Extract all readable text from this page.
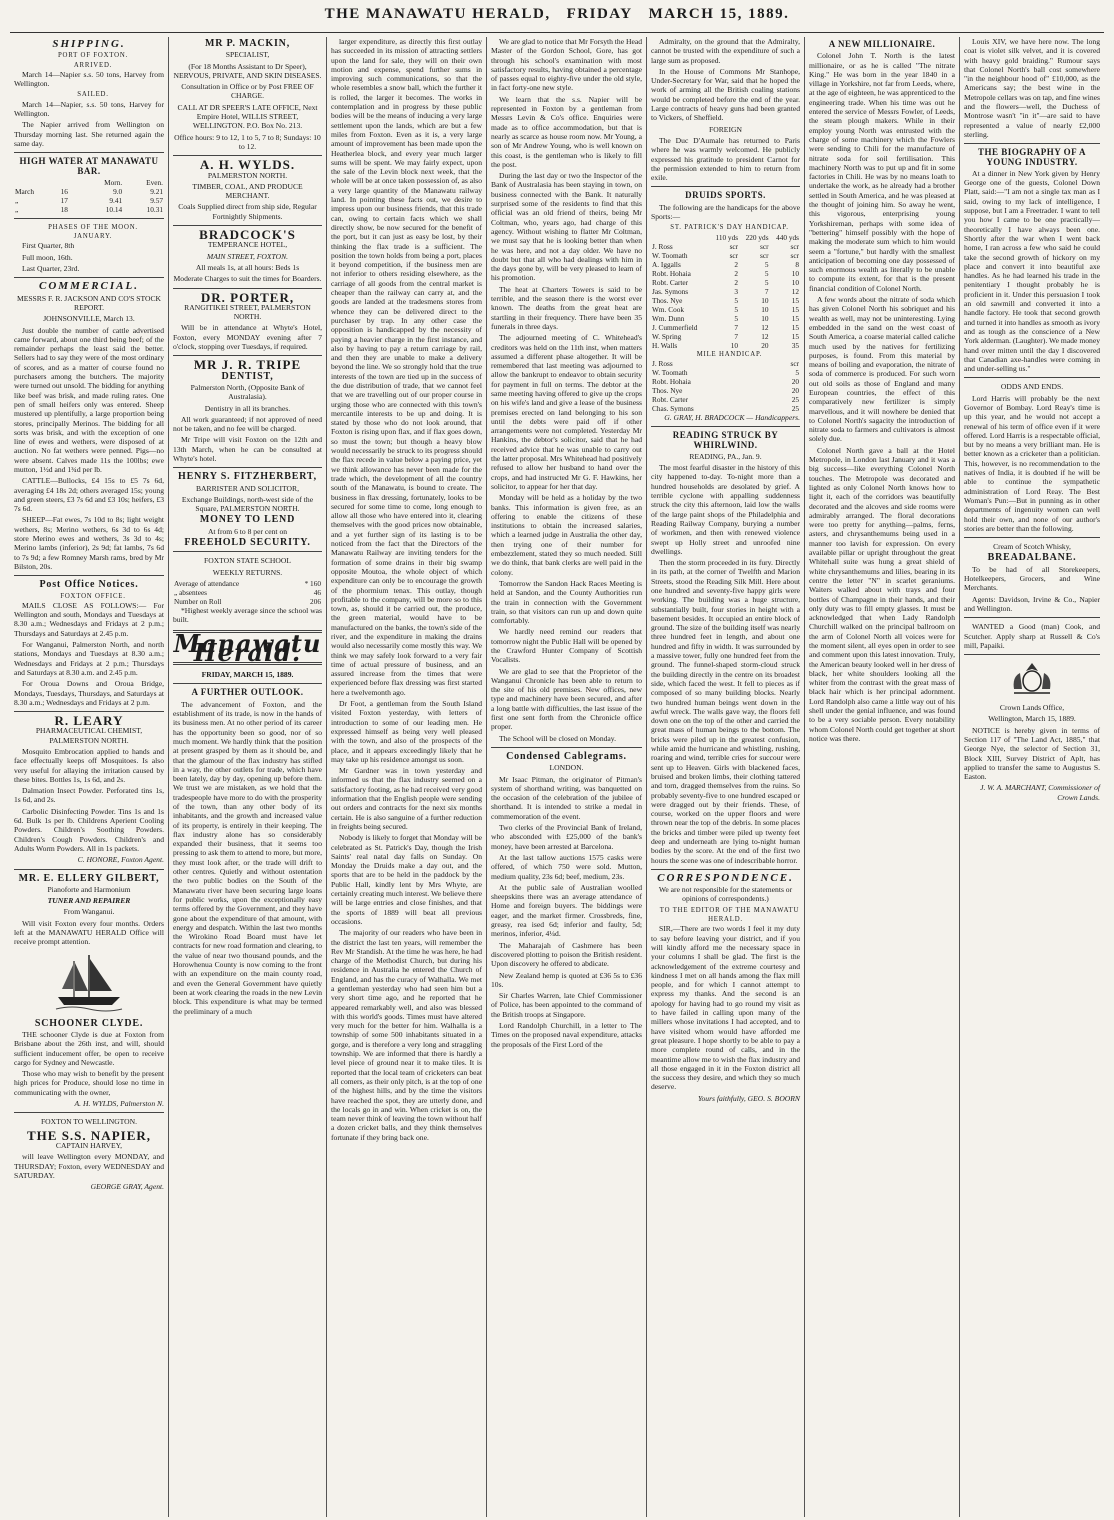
THE MANAWATU HERALD, FRIDAY MARCH 15, 1889.
SHIPPING.

PORT OF FOXTON.

ARRIVED.

March 14—Napier s.s. 50 tons, Harvey from Wellington.

SAILED.

March 14—Napier, s.s. 50 tons, Harvey for Wellington.

The Napier arrived from Wellington on Thursday morning last. She returned again the same day.

HIGH WATER AT MANAWATU BAR.
		Morn.	Even.
March	16	9.0	9.21
„	17	9.41	9.57
„	18	10.14	10.31

PHASES OF THE MOON.

JANUARY.

First Quarter, 8th

Full moon, 16th.

Last Quarter, 23rd.

COMMERCIAL.

MESSRS F. R. JACKSON AND CO'S STOCK REPORT.

JOHNSONVILLE, March 13.

Just double the number of cattle advertised came forward, about one third being beef; of the remainder perhaps the least said the better. Sellers had to say they were of the most ordinary of scores, and as a matter of course found no purchasers among the butchers. The majority were turned out unsold. The bidding for anything like beef was brisk, and made ruling rates. One pen of small heifers only was entered. Sheep mustered up plentifully, a large proportion being stores, principally Merinos. The bidding for all sorts was brisk, and with the exception of one line of ewes and wethers, were disposed of at auction. No fat wethers were penned. Pigs—no were absent. Calves made 11s the 100lbs; ewe mutton, 1½d and 1¾d per lb.

CATTLE—Bullocks, £4 15s to £5 7s 6d, averaging £4 18s 2d; others averaged 15s; young and green steers, £3 7s 6d and £3 10s; heifers, £3 7s 6d.

SHEEP—Fat ewes, 7s 10d to 8s; light weight wethers, 8s; Merino wethers, 6s 3d to 6s 4d; store Merino ewes and wethers, 3s 3d to 4s; Merino lambs (inferior), 2s 9d; fat lambs, 7s 6d to 7s 9d; a few Romney Marsh rams, bred by Mr Bilston, 20s.

Post Office Notices.

FOXTON OFFICE.

MAILS CLOSE AS FOLLOWS:— For Wellington and south, Mondays and Tuesdays at 8.30 a.m.; Wednesdays and Fridays at 2 p.m.; Thursdays and Saturdays at 2.45 p.m.

For Wanganui, Palmerston North, and north stations, Mondays and Tuesdays at 8.30 a.m.; Wednesdays and Fridays at 2 p.m.; Thursdays and Saturdays at 8.30 a.m. and 2.45 p.m.

For Oroua Downs and Oroua Bridge, Mondays, Tuesdays, Thursdays, and Saturdays at 8.30 a.m.; Wednesdays and Fridays at 2 p.m.

R. LEARY

PHARMACEUTICAL CHEMIST, PALMERSTON NORTH.

Mosquito Embrocation applied to hands and face effectually keeps off Mosquitoes. Is also very useful for allaying the irritation caused by these bites. Bottles 1s, 1s 6d, and 2s.

Dalmation Insect Powder. Perforated tins 1s, 1s 6d, and 2s.

Carbolic Disinfecting Powder. Tins 1s and 1s 6d. Bulk 1s per lb. Childrens Aperient Cooling Powders. Children's Soothing Powders. Children's Cough Powders. Children's and Adults Worm Powders. All in 1s packets.

C. HONORE, Foxton Agent.

MR. E. ELLERY GILBERT,

Pianoforte and Harmonium

TUNER AND REPAIRER

From Wanganui.

Will visit Foxton every four months. Orders left at the MANAWATU HERALD Office will receive prompt attention.

SCHOONER CLYDE.

THE schooner Clyde is due at Foxton from Brisbane about the 26th inst, and will, should sufficient inducement offer, be open to receive cargo for Sydney and Newcastle.

Those who may wish to benefit by the present high prices for Produce, should lose no time in communicating with the owner,

A. H. WYLDS, Palmerston N.

FOXTON TO WELLINGTON.

THE S.S. NAPIER,

CAPTAIN HARVEY,

will leave Wellington every MONDAY, and THURSDAY; Foxton, every WEDNESDAY and SATURDAY.

GEORGE GRAY, Agent.

MR P. MACKIN,

SPECIALIST,

(For 18 Months Assistant to Dr Speer), NERVOUS, PRIVATE, AND SKIN DISEASES.

Consultation in Office or by Post FREE OF CHARGE.

CALL AT DR SPEER'S LATE OFFICE, Next Empire Hotel, WILLIS STREET, WELLINGTON. P.O. Box No. 213.

Office hours: 9 to 12, 1 to 5, 7 to 8; Sundays: 10 to 12.

A. H. WYLDS.

PALMERSTON NORTH.

TIMBER, COAL, AND PRODUCE MERCHANT.

Coals Supplied direct from ship side, Regular Fortnightly Shipments.

BRADCOCK'S

TEMPERANCE HOTEL,

MAIN STREET, FOXTON.

All meals 1s, at all hours: Beds 1s

Moderate Charges to suit the times for Boarders.

DR. PORTER,

RANGITIKEI STREET, PALMERSTON NORTH.

Will be in attendance at Whyte's Hotel, Foxton, every MONDAY evening after 7 o'clock, stopping over Tuesdays, if required.

MR J. R. TRIPE
DENTIST,

Palmerston North, (Opposite Bank of Australasia).

Dentistry in all its branches.

All work guaranteed; if not approved of need not be taken, and no fee will be charged.

Mr Tripe will visit Foxton on the 12th and 13th March, when he can be consulted at Whyte's hotel.

HENRY S. FITZHERBERT,

BARRISTER AND SOLICITOR,

Exchange Buildings, north-west side of the Square, PALMERSTON NORTH.

MONEY TO LEND

At from 6 to 8 per cent on

FREEHOLD SECURITY.

FOXTON STATE SCHOOL

WEEKLY RETURNS.

Average of attendance	* 160
„ absentees	46
Number on Roll	206

*Highest weekly average since the school was built.

Manawatu Herald.

FRIDAY, MARCH 15, 1889.

A FURTHER OUTLOOK.

The advancement of Foxton, and the establishment of its trade, is now in the hands of its business men. At no other period of its career has the opportunity been so good, nor of so much moment. We hardly think that the position at present grasped by them as it should be, and that the glamour of the flax industry has stifled in a way, the other outlets for trade, which have been lately, day by day, opening up before them. We trust we are mistaken, as we hold that the tradespeople have more to do with the prosperity of the town, than any other body of its inhabitants, and the growth and increased value of its property, is entirely in their keeping. The flax industry alone has so considerably expanded their business, that it seems too pressing to ask them to attend to more, but more, they must look after, or the trade will drift to other centres. Quietly and without ostentation the two public bodies on the South of the Manawatu river have been securing large loans for public works, upon the exceptionally easy terms offered by the Government, and they have gone about the expenditure of that amount, with energy and despatch. Within the last two months the Wirokino Road Board must have let contracts for new road formation and clearing, to the value of near two thousand pounds, and the Horowhenua County is now coming to the front with an expenditure on the main county road, and even the General Government have quietly been at work clearing the roads in the new Levin block. This expenditure is what may be termed the preliminary of a much

larger expenditure, as directly this first outlay has succeeded in its mission of attracting settlers upon the land for sale, they will on their own motion and expense, spend further sums in improving such communications, so that the whole resembles a snow ball, which the further it is rolled, the larger it becomes. The works in contemplation and in progress by these public bodies will be the means of inducing a very large settlement upon the lands, which are but a few miles from Foxton. Even as it is, a very large amount of improvement has been made upon the Heatherlea block, and every year much larger sums will be spent. We may fairly expect, upon the sale of the Levin block next week, that the whole will be at once taken possession of, as also a very large quantity of the Manawatu railway land. In pointing these facts out, we desire to impress upon our business friends, that this trade can, owing to certain facts which we shall directly show, be now secured for the benefit of the port, but it can just as easy be lost, by their thinking the flax trade is a sufficient. The position the town holds from being a port, places it beyond competition, if the business men are not inferior to others residing elsewhere, as the carriage of all goods from the central market is cheaper than the railway can carry at, and the goods are landed at the tradesmens stores from whence they can be delivered direct to the purchaser by trap. In any other case the opposition is handicapped by the necessity of paying a heavier charge in the first instance, and also by having to pay a return carriage by rail, and then they are unable to make a delivery beyond the line. We so strongly hold that the true interests of the town are tied up in the success of the due distribution of trade, that we cannot feel that we are travelling out of our proper course in urging those who are connected with this town's mercantile interests to be up and doing. It is stated by those who do not look around, that Foxton is rising upon flax, and if flax goes down, so must the town; but though a heavy blow would necessarily be struck to its progress should the flax recede in value below a paying price, yet we think allowance has never been made for the trade which, the development of all the country south of the Manawatu, is bound to create. The business in flax dressing, fortunately, looks to be secured for some time to come, long enough to allow all those who have entered into it, clearing themselves with the good prices now obtainable, and a yet further sign of its lasting is to be noticed from the fact that the Directors of the Manawatu Railway are inviting tenders for the formation of some drains in their big swamp opposite Moutoa, the whole object of which expenditure can only be to encourage the growth of the phormium tenax. This outlay, though profitable to the company, will be more so to this town, as, should it be carried out, the produce, the green material, would have to be manufactured on the banks, the town's side of the river, and the expenditure in making the drains would also necessarily come mostly this way. We think we may safely look forward to a very fair time of actual pressure of business, and an assured increase from the times that were experienced before flax dressing was first started here a twelvemonth ago.

Dr Foot, a gentleman from the South Island visited Foxton yesterday, with letters of introduction to some of our leading men. He expressed himself as being very well pleased with the town, and also of the prospects of the place, and it appears exceedingly likely that he may take up his residence amongst us soon.

Mr Gardner was in town yesterday and informed us that the flax industry seemed on a satisfactory footing, as he had received very good information that the English people were sending out orders and contracts for the next six months certain. He is also sanguine of a further reduction in freights being secured.

Nobody is likely to forget that Monday will be celebrated as St. Patrick's Day, though the Irish Saints' real natal day falls on Sunday. On Monday the Druids make a day out, and the sports that are to be held in the paddock by the Public Hall, kindly lent by Mrs Whyte, are certainly creating much interest. We believe there will be large entries and close finishes, and that the sports of 1889 will beat all previous occasions.

The majority of our readers who have been in the district the last ten years, will remember the Rev Mr Standish. At the time he was here, he had charge of the Methodist Church, but during his residence in Australia he entered the Church of England, and has the curacy of Walhalla. We met a gentleman yesterday who had seen him but a very short time ago, and he reported that he appeared remarkably well, and also was blessed with this world's goods. Times must have altered very much for the better for him. Walhalla is a township of some 500 inhabitants situated in a gorge, and is therefore a very long and straggling township. We are informed that there is hardly a level piece of ground near it to make tiles. It is reported that the local team of cricketers can beat all comers, as their only pitch, is at the top of one of the highest hills, and by the time the visitors have reached the spot, they are utterly done, and the locals go in and win. When cricket is on, the team never think of leaving the town without half a dozen cricket balls, and they think themselves fortunate if they bring back one.

We are glad to notice that Mr Forsyth the Head Master of the Gordon School, Gore, has got through his school's examination with most satisfactory results, having obtained a percentage of passes equal to eighty-five under the old style, in fact forty-one new style.

We learn that the s.s. Napier will be represented in Foxton by a gentleman from Messrs Levin & Co's office. Enquiries were made as to office accommodation, but that is nearly as scarce as house room now. Mr Young, a son of Mr Andrew Young, who is well known on this coast, is the gentleman who is likely to fill the post.

During the last day or two the Inspector of the Bank of Australasia has been staying in town, on business connected with the Bank. It naturally surprised some of the residents to find that this official was an old friend of theirs, being Mr Coltman, who, years ago, had charge of this agency. Without wishing to flatter Mr Coltman, we must say that he is looking better than when he was here, and not a day older. We have no doubt but that all who had dealings with him in the days gone by, will be very pleased to learn of his promotion.

The heat at Charters Towers is said to be terrible, and the season there is the worst ever known. The deaths from the great heat are startling in their frequency. There have been 35 funerals in three days.

The adjourned meeting of C. Whitehead's creditors was held on the 11th inst, when matters assumed a different phase altogether. It will be remembered that last meeting was adjourned to allow the bankrupt to endeavor to obtain security for payment in full on terms. The debtor at the same meeting having offered to give up the crops on his wife's land and give a lease of the business premises erected on land belonging to his son until the debts were paid off if other arrangements were not completed. Yesterday Mr Hankins, the debtor's solicitor, said that he had received advice that he was unable to carry out the latter proposal. Mrs Whitehead had positively refused to allow her husband to hand over the crops, and had instructed Mr G. F. Hawkins, her solicitor, to appear for her that day.

Monday will be held as a holiday by the two banks. This information is given free, as an offering to enable the citizens of these institutions to obtain the increased salaries, which a learned judge in Australia the other day, then trying one of their number for embezzlement, stated they so much needed. Still we do think, that bank clerks are well paid in the colony.

Tomorrow the Sandon Hack Races Meeting is held at Sandon, and the County Authorities run the train in connection with the Government train, so that visitors can run up and down quite comfortably.

We hardly need remind our readers that tomorrow night the Public Hall will be opened by the Crawford Hunter Company of Scottish Vocalists.

We are glad to see that the Proprietor of the Wanganui Chronicle has been able to return to the site of his old premises. New offices, new type and machinery have been secured, and after a long battle with difficulties, the last issue of the first one sent forth from the Chronicle office proper.

The School will be closed on Monday.

Condensed Cablegrams.

LONDON.

Mr Isaac Pitman, the originator of Pitman's system of shorthand writing, was banquetted on the occasion of the celebration of the jubilee of shorthand. It is intended to strike a medal in commemoration of the event.

Two clerks of the Provincial Bank of Ireland, who absconded with £25,000 of the bank's money, have been arrested at Barcelona.

At the last tallow auctions 1575 casks were offered, of which 750 were sold. Mutton, medium quality, 23s 6d; beef, medium, 23s.

At the public sale of Australian woolled sheepskins there was an average attendance of Home and foreign buyers. The biddings were eager, and the market firmer. Crossbreds, fine, greasy, rea ised 6d; inferior and faulty, 5d; merinos, inferior, 4¼d.

The Maharajah of Cashmere has been discovered plotting to poison the British resident. Upon discovery he offered to abdicate.

New Zealand hemp is quoted at £36 5s to £36 10s.

Sir Charles Warren, late Chief Commissioner of Police, has been appointed to the command of the British troops at Singapore.

Lord Randolph Churchill, in a letter to The Times on the proposed naval expenditure, attacks the proposals of the First Lord of the

Admiralty, on the ground that the Admiralty, cannot be trusted with the expenditure of such a large sum as proposed.

In the House of Commons Mr Stanhope, Under-Secretary for War, said that he hoped the work of arming all the British coaling stations would be completed before the end of the year. Large contracts of heavy guns had been granted to Vickers, of Sheffield.

FOREIGN

The Duc D'Aumale has returned to Paris where he was warmly welcomed. He publicly expressed his gratitude to president Carnot for the permission extended to him to return from exile.

DRUIDS SPORTS.

The following are the handicaps for the above Sports:—

ST. PATRICK'S DAY HANDICAP.

	110 yds	220 yds	440 yds
J. Ross	scr	scr	scr
W. Toomath	scr	scr	scr
A. Iggalls	2	5	8
Robt. Hohaia	2	5	10
Robt. Carter	2	5	10
Jas. Symons	3	7	12
Thos. Nye	5	10	15
Wm. Cook	5	10	15
Wm. Dunn	5	10	15
J. Cummerfield	7	12	15
W. Spring	7	12	15
H. Walls	10	20	35

MILE HANDICAP.

J. Ross	scr
W. Toomath	5
Robt. Hohaia	20
Thos. Nye	20
Robt. Carter	25
Chas. Symons	25

G. GRAY, H. BRADCOCK — Handicappers.

READING STRUCK BY WHIRLWIND.

READING, PA., Jan. 9.

The most fearful disaster in the history of this city happened to-day. To-night more than a hundred households are desolated by grief. A terrible cyclone with appalling suddenness struck the city this afternoon, laid low the walls of the large paint shops of the Philadelphia and Reading Railway Company, burying a number of workmen, and then with renewed violence swept up Holly street and unroofed nine dwellings.

Then the storm proceeded in its fury. Directly in its path, at the corner of Twelfth and Marion Streets, stood the Reading Silk Mill. Here about one hundred and seventy-five happy girls were working. The building was a huge structure, substantially built, four stories in height with a basement besides. It occupied an entire block of ground. The size of the building itself was nearly three hundred feet in length, and about one hundred and fifty in width. It was surrounded by a massive tower, fully one hundred feet from the ground. The funnel-shaped storm-cloud struck the building directly in the centre on its broadest side, which faced the west. It fell to pieces as if composed of so many building blocks. Nearly two hundred human beings went down in the awful wreck. The walls gave way, the floors fell down one on the top of the other and carried the great mass of human beings to the bottom. The bricks were piled up in the greatest confusion, while amid the hurricane and whistling, rushing, roaring and wind, terrible cries for succour were sent up to Heaven. Girls with blackened faces, bruised and broken limbs, their clothing tattered and torn, dragged themselves from the ruins. So probably seventy-five to one hundred escaped or were dragged out by their friends. These, of course, worked on the upper floors and were thrown near the top of the debris. In some places the bricks and timber were piled up twenty feet deep and underneath are lying to-night human bodies by the score. At the end of the first two hours the scene was one of indescribable horror.

CORRESPONDENCE.

We are not responsible for the statements or opinions of correspondents.)

TO THE EDITOR OF THE MANAWATU HERALD.

SIR,—There are two words I feel it my duty to say before leaving your district, and if you will kindly afford me the necessary space in your columns I shall be glad. The first is the acknowledgement of the extreme courtesy and kindness I met on all hands among the flax mill people, and for which I cannot attempt to express my thanks. And the second is an apology for having had to go round my visit as to have failed in calling upon many of the millers whose invitations I had accepted, and to have visited whom would have afforded me great pleasure. I hope shortly to be able to pay a more complete round of calls, and in the meantime allow me to wish the flax industry and all those engaged in it in the Foxton district all the success they desire, and which they so much deserve.

Yours faithfully, GEO. S. BOORN

A NEW MILLIONAIRE.

Colonel John T. North is the latest millionaire, or as he is called "The nitrate King." He was born in the year 1840 in a village in Yorkshire, not far from Leeds, where, at the age of eighteen, he was apprenticed to the engineering trade. When his time was out he entered the service of Messrs Fowler, of Leeds, the steam plough makers. While in their employ young North was entrusted with the charge of some machinery which the Fowlers were sending to Chili for the manufacture of nitrate soda for soil fertilisation. This machinery North was to put up and fit in some factories in Chili. He was by no means loath to undertake the work, as he already had a brother settled in South America, and he was pleased at the thought of joining him. So away he went, this vigorous, enterprising young Yorkshireman, perhaps with some idea of "bettering" himself possibly with the hope of making the moderate sum which to him would seem a "fortune," but hardly with the smallest anticipation of becoming one day possessed of such enormous wealth as literally to be unable to compute its extent, for that is the present financial condition of Colonel North.

A few words about the nitrate of soda which has given Colonel North his sobriquet and his wealth as well, may not be uninteresting. Lying embedded in the sand on the west coast of South America, a coarse material called caliche much used by the natives for fertilizing purposes, is found. From this material by means of boiling and evaporation, the nitrate of soda of commerce is produced. For such worn out old soils as those of England and many European countries, the effect of this comparatively new fertilizer is simply marvellous, and it will nowhere be denied that to Colonel North's sagacity the introduction of nitrate soda to farmers and cultivators is almost solely due.

Colonel North gave a ball at the Hotel Metropole, in London last January and it was a big success—like everything Colonel North touches. The Metropole was decorated and lighted as only Colonel North knows how to light it, each of the corridors was beautifully decorated and the alcoves and side rooms were admirably arranged. The floral decorations were too pretty for anything—palms, ferns, asters, and chrysanthemums being used in a manner too lavish for expression. On every available pillar or upright throughout the great Whitehall suite was hung a great shield of white chrysanthemums and lilies, bearing in its centre the letter "N" in scarlet geraniums. Waiters walked about with trays and four bottles of Champagne in their hands, and their only duty was to fill empty glasses. It must be acknowledged that when Lady Randolph Churchill walked on the principal ballroom on the arm of Colonel North all voices were for the moment silent, all eyes open in order to see and comment upon this latest innovation. Truly, the American beauty looked well in her dress of black, her white shoulders looking all the whiter from the contrast with the great mass of black hair which is her principal adornment. Lord Randolph also came a little way out of his shell under the genial influence, and was found to be a very sociable person. Every notability whom Colonel North could get together at short notice was there.

Louis XIV, we have here now. The long coat is violet silk velvet, and it is covered with heavy gold braiding." Rumour says that Colonel North's ball cost somewhere "in the neighbour hood of" £10,000, as the Americans say; the best wine in the Metropole cellars was on tap, and fine wines and the flowers—well, the Duchess of Montrose wasn't "in it"—are said to have represented a value of nearly £2,000 sterling.

THE BIOGRAPHY OF A YOUNG INDUSTRY.

At a dinner in New York given by Henry George one of the guests, Colonel Down Platt, said:—"I am not a single tax man as I said, owing to my lack of intelligence, I suppose, but I am a Freetrader. I want to tell you how I came to be one practically—theoretically I have always been one. Shortly after the war when I went back home, I ran across a few who said he could take the second growth of hickory on my place and convert it into beautiful axe handles. As he had learned his trade in the penitentiary I thought probably he is proficient in it. Under this persuasion I took an old sawmill and converted it into a handle factory. He took that second growth and turned it into handles as smooth as ivory and as tough as the conscience of a New York alderman. (Laughter). We made money hand over mitten until the day I discovered that Canadian axe-handles were coming in and under-selling us."

ODDS AND ENDS.

Lord Harris will probably be the next Governor of Bombay. Lord Reay's time is up this year, and he would not accept a renewal of his term of office even if it were offered. Lord Harris is a respectable official, but by no means a very brilliant man. He is better known as a cricketer than a politician. This, however, is no recommendation to the natives of India, it is doubted if he will be able to continue the sympathetic administration of Lord Reay. The Best Woman's Pun:—But in punning as in other departments of ingenuity women can well hold their own, and none of our author's stories are better than the following.

Cream of Scotch Whisky,

BREADALBANE.

To be had of all Storekeepers, Hotelkeepers, Grocers, and Wine Merchants.

Agents: Davidson, Irvine & Co., Napier and Wellington.

WANTED a Good (man) Cook, and Scutcher. Apply sharp at Russell & Co's mill, Papaiki.

Crown Lands Office,

Wellington, March 15, 1889.

NOTICE is hereby given in terms of Section 117 of "The Land Act, 1885," that George Nye, the selector of Section 31, Block XIII, Survey District of Aplt, has applied to transfer the same to Augustus S. Easton.

J. W. A. MARCHANT, Commissioner of Crown Lands.
